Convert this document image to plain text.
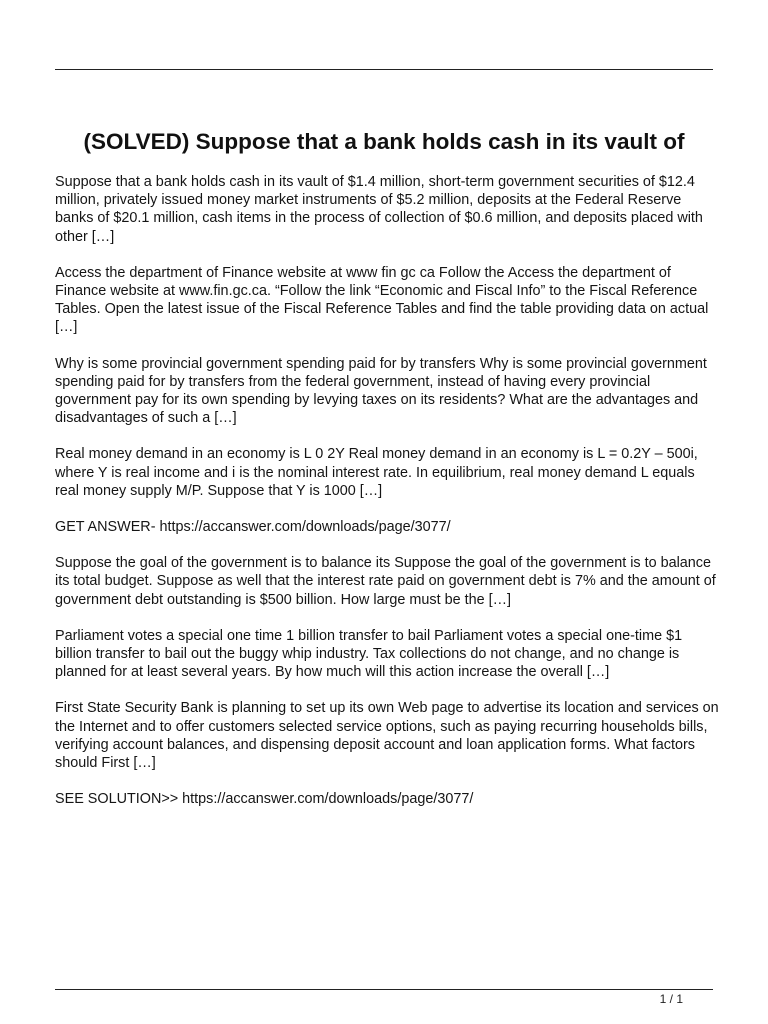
(SOLVED) Suppose that a bank holds cash in its vault of

Suppose that a bank holds cash in its vault of $1.4 million, short-term government securities of $12.4 million, privately issued money market instruments of $5.2 million, deposits at the Federal Reserve banks of $20.1 million, cash items in the process of collection of $0.6 million, and deposits placed with other […]

Access the department of Finance website at www fin gc ca Follow the Access the department of Finance website at www.fin.gc.ca. “Follow the link “Economic and Fiscal Info” to the Fiscal Reference Tables. Open the latest issue of the Fiscal Reference Tables and find the table providing data on actual […]

Why is some provincial government spending paid for by transfers Why is some provincial government spending paid for by transfers from the federal government, instead of having every provincial government pay for its own spending by levying taxes on its residents? What are the advantages and disadvantages of such a […]

Real money demand in an economy is L 0 2Y Real money demand in an economy is L = 0.2Y – 500i, where Y is real income and i is the nominal interest rate. In equilibrium, real money demand L equals real money supply M/P. Suppose that Y is 1000 […]

GET ANSWER- https://accanswer.com/downloads/page/3077/

Suppose the goal of the government is to balance its Suppose the goal of the government is to balance its total budget. Suppose as well that the interest rate paid on government debt is 7% and the amount of government debt outstanding is $500 billion. How large must be the […]

Parliament votes a special one time 1 billion transfer to bail Parliament votes a special one-time $1 billion transfer to bail out the buggy whip industry. Tax collections do not change, and no change is planned for at least several years. By how much will this action increase the overall […]

First State Security Bank is planning to set up its own Web page to advertise its location and services on the Internet and to offer customers selected service options, such as paying recurring households bills, verifying account balances, and dispensing deposit account and loan application forms. What factors should First […]

SEE SOLUTION>> https://accanswer.com/downloads/page/3077/

1 / 1
